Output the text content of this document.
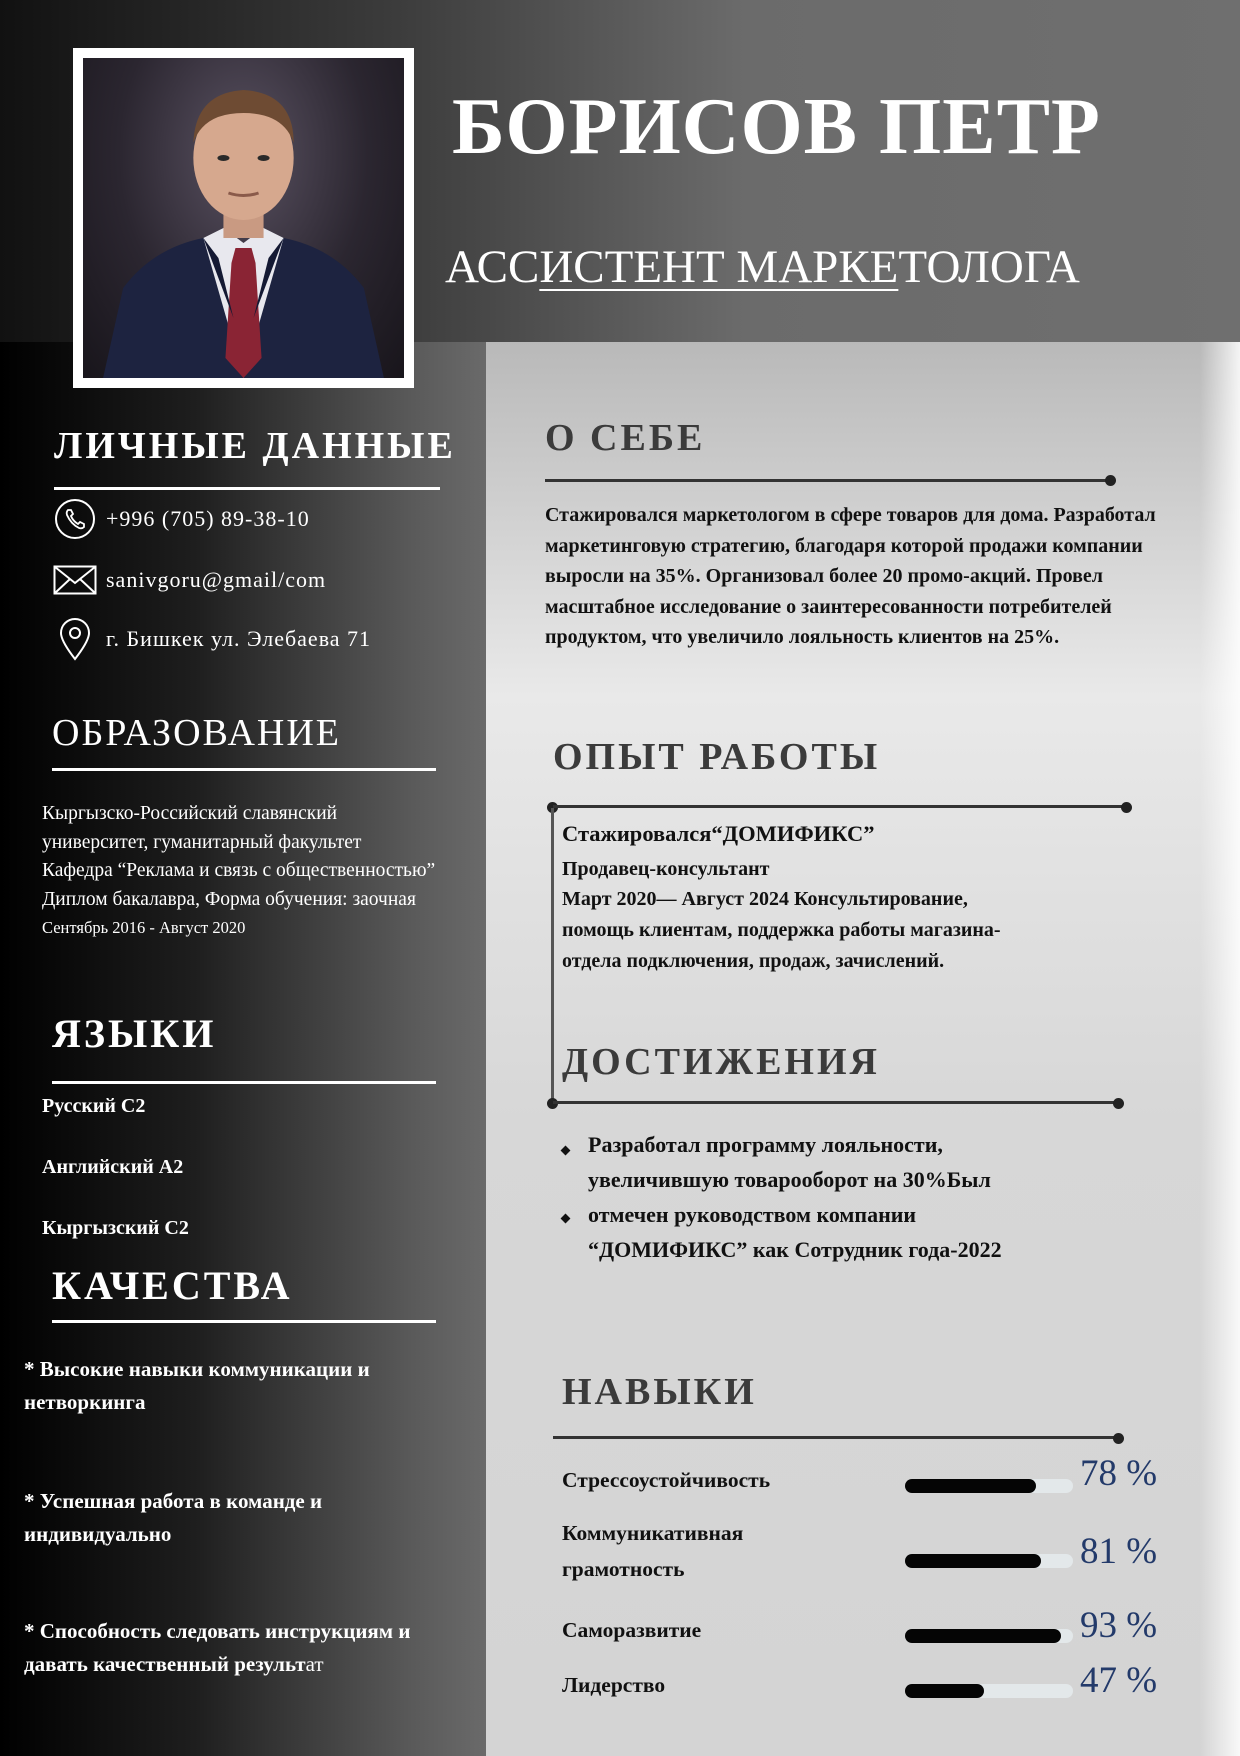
БОРИСОВ ПЕТР
АССИСТЕНТ МАРКЕТОЛОГА
ЛИЧНЫЕ ДАННЫЕ
+996 (705) 89-38-10
sanivgoru@gmail/com
г. Бишкек ул. Элебаева 71
ОБРАЗОВАНИЕ
Кыргызско-Российский славянский
университет, гуманитарный факультет
Кафедра “Реклама и связь с общественностью”
Диплом бакалавра, Форма обучения: заочная
Сентябрь 2016 - Август 2020
ЯЗЫКИ
Русский С2
Английский А2
Кыргызский С2
КАЧЕСТВА
* Высокие навыки коммуникации и нетворкинга
* Успешная работа в команде и индивидуально
* Способность следовать инструкциям и давать качественный результат
О СЕБЕ
Стажировался маркетологом в сфере товаров для дома. Разработал маркетинговую стратегию, благодаря которой продажи компании выросли на 35%. Организовал более 20 промо-акций. Провел масштабное исследование о заинтересованности потребителей продуктом, что увеличило лояльность клиентов на 25%.
ОПЫТ РАБОТЫ
Стажировался“ДОМИФИКС”
Продавец-консультант
Март 2020— Август 2024 Консультирование, помощь клиентам, поддержка работы магазина-отдела подключения, продаж, зачислений.
ДОСТИЖЕНИЯ
Разработал программу лояльности,
увеличившую товарооборот на 30%Был
отмечен руководством компании
“ДОМИФИКС” как Сотрудник года-2022
НАВЫКИ
Стрессоустойчивость	78 %
Коммуникативная грамотность	81 %
Саморазвитие	93 %
Лидерство	47 %
